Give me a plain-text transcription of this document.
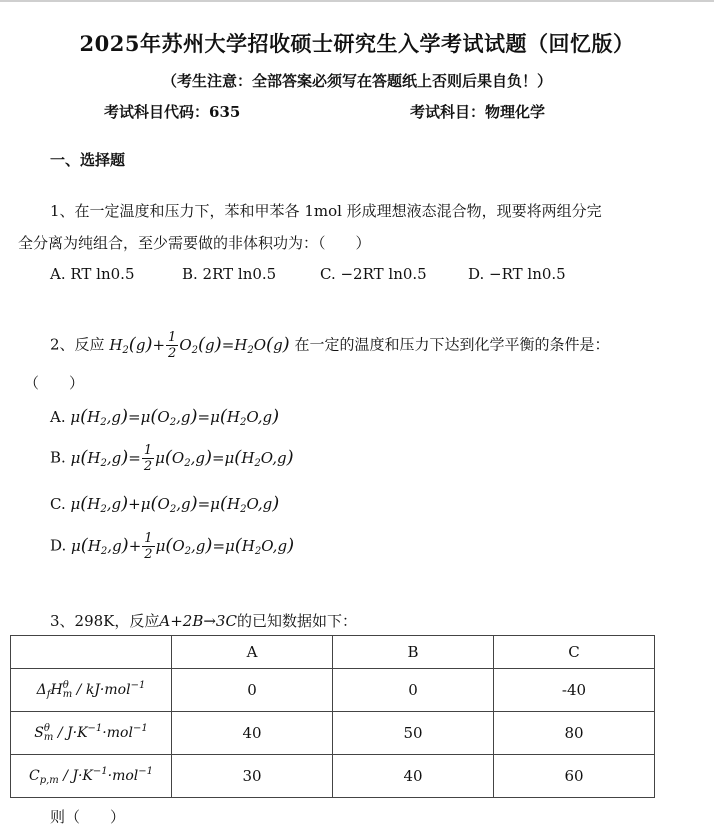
2025年苏州大学招收硕士研究生入学考试试题（回忆版）
（考生注意：全部答案必须写在答题纸上否则后果自负！）
考试科目代码：635	考试科目：物理化学
一、选择题
1、在一定温度和压力下，苯和甲苯各 1mol 形成理想液态混合物，现要将两组分完
全分离为纯组合，至少需要做的非体积功为：（　　）
A. RT ln0.5	B. 2RT ln0.5	C. −2RT ln0.5	D. −RT ln0.5
2、反应 $H_2(g)+ \frac{1}{2} O_2(g)=H_2O(g)$ 在一定的温度和压力下达到化学平衡的条件是：
（　　）
A. $\mu(H_2,g)=\mu(O_2,g)=\mu(H_2O,g)$
B. $\mu(H_2,g)= \frac{1}{2} \mu(O_2,g)=\mu(H_2O,g)$
C. $\mu(H_2,g)+\mu(O_2,g)=\mu(H_2O,g)$
D. $\mu(H_2,g)+ \frac{1}{2} \mu(O_2,g)=\mu(H_2O,g)$
3、298K，反应A+2B→3C的已知数据如下：
	A	B	C
$\Delta_fH^\theta_m / kJ\cdot mol^{-1}$	0	0	-40
$S^\theta_m / J\cdot K^{-1}\cdot mol^{-1}$	40	50	80
$C_{p,m} / J\cdot K^{-1}\cdot mol^{-1}$	30	40	60
则（　　）
